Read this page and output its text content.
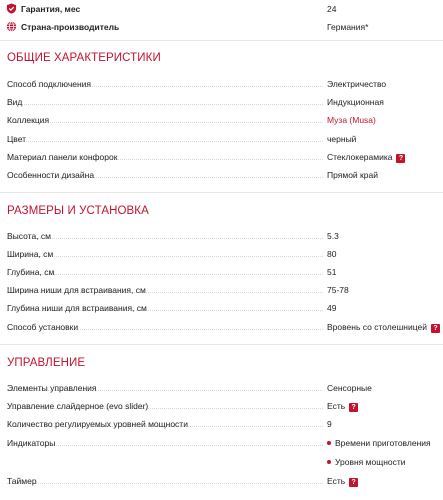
Гарантия, мес	24
Страна-производитель	Германия*
ОБЩИЕ ХАРАКТЕРИСТИКИ
Способ подключения	Электричество
Вид	Индукционная
Коллекция	Муза (Musa)
Цвет	черный
Материал панели конфорок	Стеклокерамика ?
Особенности дизайна	Прямой край
РАЗМЕРЫ И УСТАНОВКА
Высота, см	5.3
Ширина, см	80
Глубина, см	51
Ширина ниши для встраивания, см	75-78
Глубина ниши для встраивания, см	49
Способ установки	Вровень со столешницей ?
УПРАВЛЕНИЕ
Элементы управления	Сенсорные
Управление слайдерное (evo slider)	Есть ?
Количество регулируемых уровней мощности	9
Индикаторы	Времени приготовления
Уровня мощности
Таймер	Есть ?
